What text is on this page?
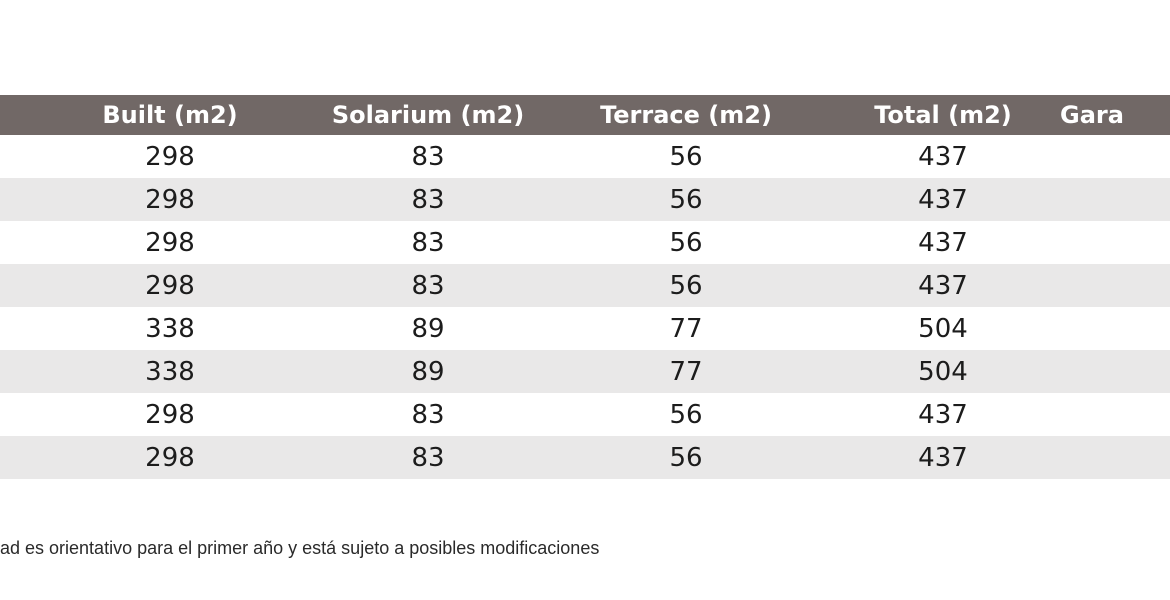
Built (m2)	Solarium (m2)	Terrace (m2)	Total (m2)	Gara
298	83	56	437
298	83	56	437
298	83	56	437
298	83	56	437
338	89	77	504
338	89	77	504
298	83	56	437
298	83	56	437
ad es orientativo para el primer año y está sujeto a posibles modificaciones
